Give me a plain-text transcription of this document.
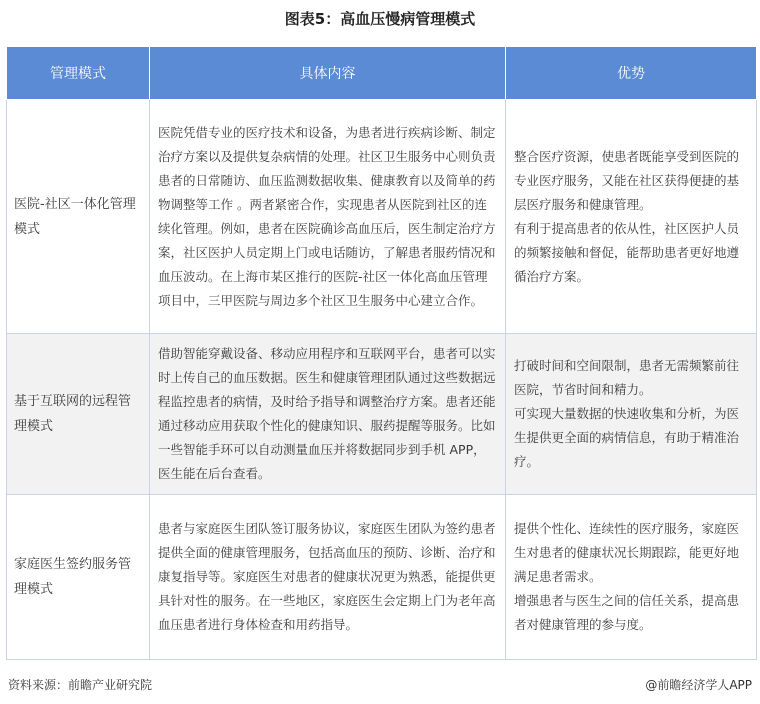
图表5：高血压慢病管理模式
管理模式	具体内容	优势
医院-社区一体化管理模式	医院凭借专业的医疗技术和设备，为患者进行疾病诊断、制定治疗方案以及提供复杂病情的处理。社区卫生服务中心则负责患者的日常随访、血压监测数据收集、健康教育以及简单的药物调整等工作 。两者紧密合作，实现患者从医院到社区的连续化管理。例如，患者在医院确诊高血压后，医生制定治疗方案，社区医护人员定期上门或电话随访，了解患者服药情况和血压波动。在上海市某区推行的医院-社区一体化高血压管理项目中，三甲医院与周边多个社区卫生服务中心建立合作。	整合医疗资源，使患者既能享受到医院的专业医疗服务，又能在社区获得便捷的基层医疗服务和健康管理。
有利于提高患者的依从性，社区医护人员的频繁接触和督促，能帮助患者更好地遵循治疗方案。

基于互联网的远程管理模式	借助智能穿戴设备、移动应用程序和互联网平台，患者可以实时上传自己的血压数据。医生和健康管理团队通过这些数据远程监控患者的病情，及时给予指导和调整治疗方案。患者还能通过移动应用获取个性化的健康知识、服药提醒等服务。比如一些智能手环可以自动测量血压并将数据同步到手机 APP，医生能在后台查看。	打破时间和空间限制，患者无需频繁前往医院，节省时间和精力。
可实现大量数据的快速收集和分析，为医生提供更全面的病情信息，有助于精准治疗。

家庭医生签约服务管理模式	患者与家庭医生团队签订服务协议，家庭医生团队为签约患者提供全面的健康管理服务，包括高血压的预防、诊断、治疗和康复指导等。家庭医生对患者的健康状况更为熟悉，能提供更具针对性的服务。在一些地区，家庭医生会定期上门为老年高血压患者进行身体检查和用药指导。	提供个性化、连续性的医疗服务，家庭医生对患者的健康状况长期跟踪，能更好地满足患者需求。
增强患者与医生之间的信任关系，提高患者对健康管理的参与度。
资料来源：前瞻产业研究院	@前瞻经济学人APP
